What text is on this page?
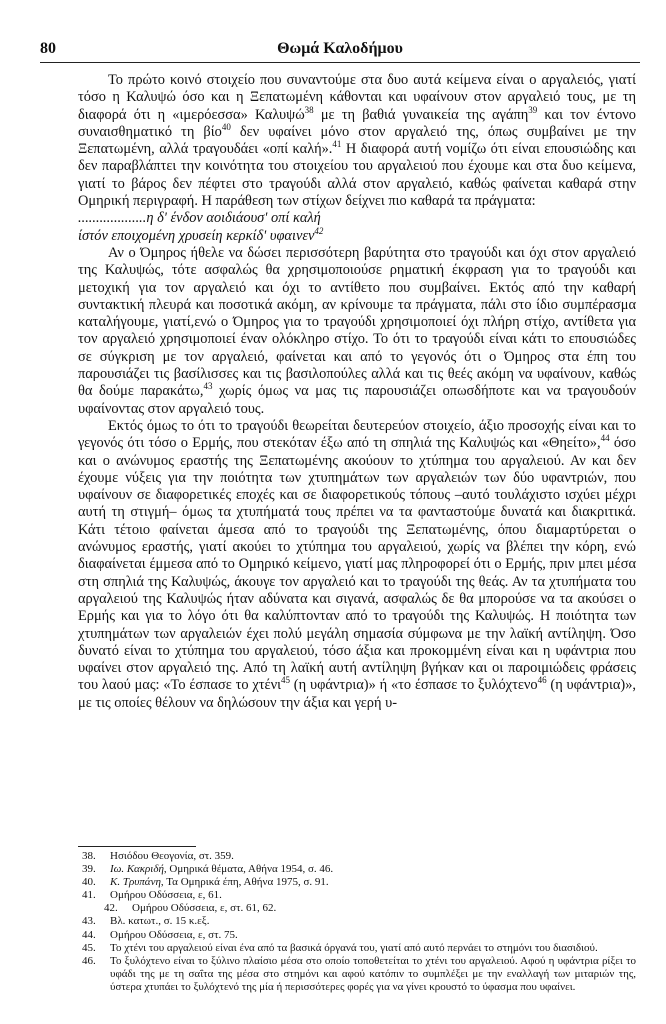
80	Θωμά Καλοδήμου

Το πρώτο κοινό στοιχείο που συναντούμε στα δυο αυτά κείμενα είναι ο αργαλειός, γιατί τόσο η Καλυψώ όσο και η Ξεπατωμένη κάθονται και υφαίνουν στον αργαλειό τους, με τη διαφορά ότι η «ιμερόεσσα» Καλυψώ$^{38}$ με τη βαθιά γυναικεία της αγάπη$^{39}$ και τον έντονο συναισθηματικό τη βίο$^{40}$ δεν υφαίνει μόνο στον αργαλειό της, όπως συμβαίνει με την Ξεπατωμένη, αλλά τραγουδάει «οπί καλή».$^{41}$ Η διαφορά αυτή νομίζω ότι είναι επουσιώδης και δεν παραβλάπτει την κοινότητα του στοιχείου του αργαλειού που έχουμε και στα δυο κείμενα, γιατί το βάρος δεν πέφτει στο τραγούδι αλλά στον αργαλειό, καθώς φαίνεται καθαρά στην Ομηρική περιγραφή. Η παράθεση των στίχων δείχνει πιο καθαρά τα πράγματα:

...................η δ' ένδον αοιδιάουσ' οπί καλή

ίστόν εποιχομένη χρυσείη κερκίδ' υφαινεν$^{42}$

Αν ο Όμηρος ήθελε να δώσει περισσότερη βαρύτητα στο τραγούδι και όχι στον αργαλειό της Καλυψώς, τότε ασφαλώς θα χρησιμοποιούσε ρηματική έκφραση για το τραγούδι και μετοχική για τον αργαλειό και όχι το αντίθετο που συμβαίνει. Εκτός από την καθαρή συντακτική πλευρά και ποσοτικά ακόμη, αν κρίνουμε τα πράγματα, πάλι στο ίδιο συμπέρασμα καταλήγουμε, γιατί,ενώ ο Όμηρος για το τραγούδι χρησιμοποιεί όχι πλήρη στίχο, αντίθετα για τον αργαλειό χρησιμοποιεί έναν ολόκληρο στίχο. Το ότι το τραγούδι είναι κάτι το επουσιώδες σε σύγκριση με τον αργαλειό, φαίνεται και από το γεγονός ότι ο Όμηρος στα έπη του παρουσιάζει τις βασίλισσες και τις βασιλοπούλες αλλά και τις θεές ακόμη να υφαίνουν, καθώς θα δούμε παρακάτω,$^{43}$ χωρίς όμως να μας τις παρουσιάζει οπωσδήποτε και να τραγουδούν υφαίνοντας στον αργαλειό τους.

Εκτός όμως το ότι το τραγούδι θεωρείται δευτερεύον στοιχείο, άξιο προσοχής είναι και το γεγονός ότι τόσο ο Ερμής, που στεκόταν έξω από τη σπηλιά της Καλυψώς και «Θηείτο»,$^{44}$ όσο και ο ανώνυμος εραστής της Ξεπατωμένης ακούουν το χτύπημα του αργαλειού. Αν και δεν έχουμε νύξεις για την ποιότητα των χτυπημάτων των αργαλειών των δύο υφαντριών, που υφαίνουν σε διαφορετικές εποχές και σε διαφορετικούς τόπους –αυτό τουλάχιστο ισχύει μέχρι αυτή τη στιγμή– όμως τα χτυπήματά τους πρέπει να τα φανταστούμε δυνατά και διακριτικά. Κάτι τέτοιο φαίνεται άμεσα από το τραγούδι της Ξεπατωμένης, όπου διαμαρτύρεται ο ανώνυμος εραστής, γιατί ακούει το χτύπημα του αργαλειού, χωρίς να βλέπει την κόρη, ενώ διαφαίνεται έμμεσα από το Ομηρικό κείμενο, γιατί μας πληροφορεί ότι ο Ερμής, πριν μπει μέσα στη σπηλιά της Καλυψώς, άκουγε τον αργαλειό και το τραγούδι της θεάς. Αν τα χτυπήματα του αργαλειού της Καλυψώς ήταν αδύνατα και σιγανά, ασφαλώς δε θα μπορούσε να τα ακούσει ο Ερμής και για το λόγο ότι θα καλύπτονταν από το τραγούδι της Καλυψώς. Η ποιότητα των χτυπημάτων των αργαλειών έχει πολύ μεγάλη σημασία σύμφωνα με την λαϊκή αντίληψη. Όσο δυνατό είναι το χτύπημα του αργαλειού, τόσο άξια και προκομμένη είναι και η υφάντρια που υφαίνει στον αργαλειό της. Από τη λαϊκή αυτή αντίληψη βγήκαν και οι παροιμιώδεις φράσεις του λαού μας: «Το έσπασε το χτένι$^{45}$ (η υφάντρια)» ή «το έσπασε το ξυλόχτενο$^{46}$ (η υφάντρια)», με τις οποίες θέλουν να δηλώσουν την άξια και γερή υ-

38.	Ησιόδου Θεογονία, στ. 359.
39.	Ιω. Κακριδή, Ομηρικά θέματα, Αθήνα 1954, σ. 46.
40.	Κ. Τρυπάνη, Τα Ομηρικά έπη, Αθήνα 1975, σ. 91.
41.	Ομήρου Οδύσσεια, ε, 61.
42.	Ομήρου Οδύσσεια, ε, στ. 61, 62.
43.	Βλ. κατωτ., σ. 15 κ.εξ.
44.	Ομήρου Οδύσσεια, ε, στ. 75.
45.	Το χτένι του αργαλειού είναι ένα από τα βασικά όργανά του, γιατί από αυτό περνάει το στημόνι του διασιδιού.
46.	Το ξυλόχτενο είναι το ξύλινο πλαίσιο μέσα στο οποίο τοποθετείται το χτένι του αργαλειού. Αφού η υφάντρια ρίξει το υφάδι της με τη σαΐτα της μέσα στο στημόνι και αφού κατόπιν το συμπλέξει με την εναλλαγή των μιταριών της, ύστερα χτυπάει το ξυλόχτενό της μία ή περισσότερες φορές για να γίνει κρουστό το ύφασμα που υφαίνει.
